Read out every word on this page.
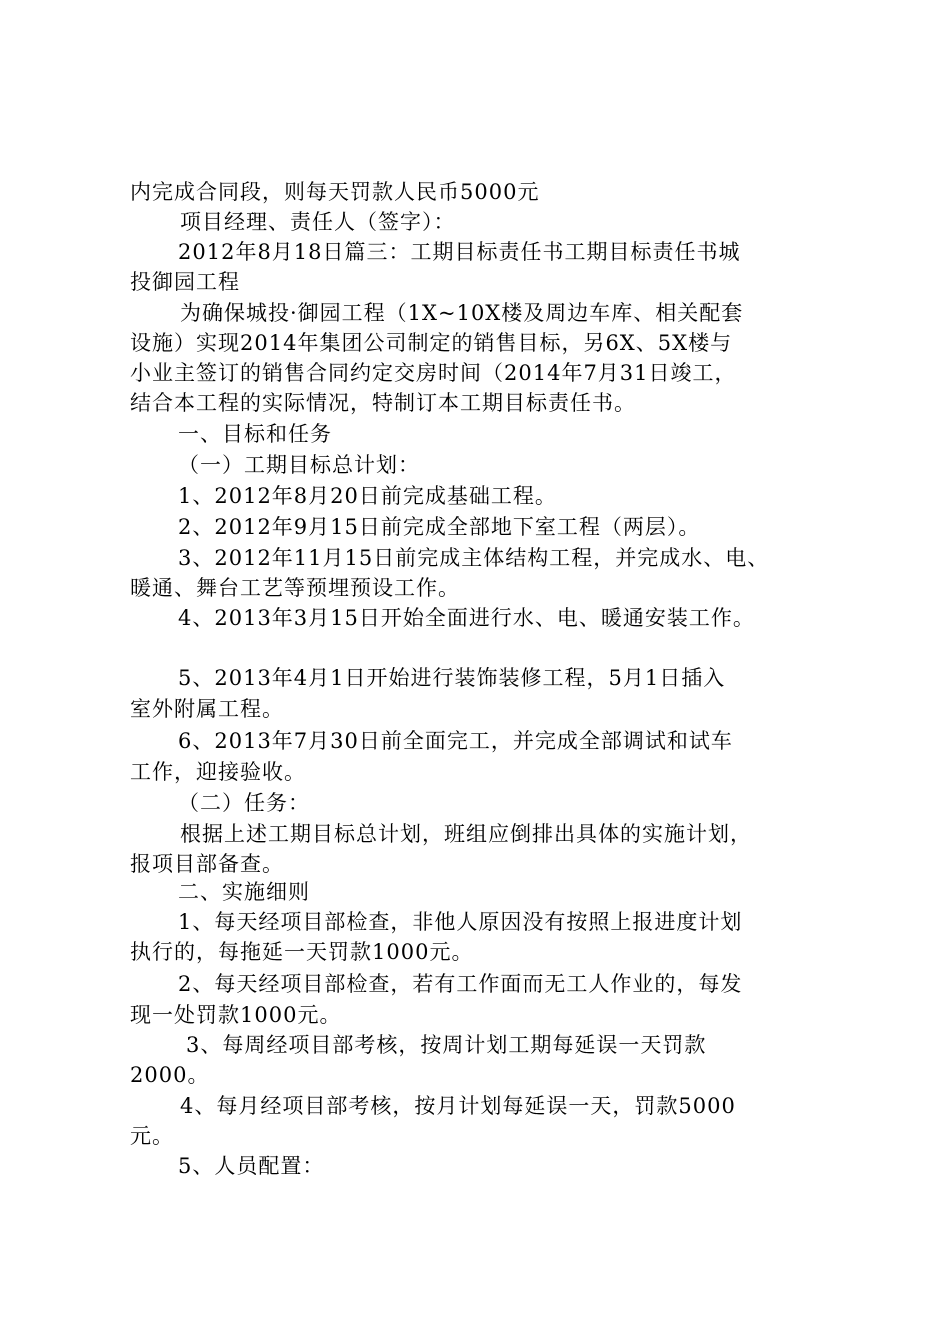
内完成合同段，则每天罚款人民币5000元
项目经理、责任人（签字）：
2012年8月18日篇三：工期目标责任书工期目标责任书城
投御园工程
为确保城投·御园工程（1X~10X楼及周边车库、相关配套
设施）实现2014年集团公司制定的销售目标，另6X、5X楼与
小业主签订的销售合同约定交房时间（2014年7月31日竣工，
结合本工程的实际情况，特制订本工期目标责任书。
一、目标和任务
（一）工期目标总计划：
1、2012年8月20日前完成基础工程。
2、2012年9月15日前完成全部地下室工程（两层）。
3、2012年11月15日前完成主体结构工程，并完成水、电、
暖通、舞台工艺等预埋预设工作。
4、2013年3月15日开始全面进行水、电、暖通安装工作。
5、2013年4月1日开始进行装饰装修工程，5月1日插入
室外附属工程。
6、2013年7月30日前全面完工，并完成全部调试和试车
工作，迎接验收。
（二）任务：
根据上述工期目标总计划，班组应倒排出具体的实施计划，
报项目部备查。
二、实施细则
1、每天经项目部检查，非他人原因没有按照上报进度计划
执行的，每拖延一天罚款1000元。
2、每天经项目部检查，若有工作面而无工人作业的，每发
现一处罚款1000元。
3、每周经项目部考核，按周计划工期每延误一天罚款
2000。
4、每月经项目部考核，按月计划每延误一天，罚款5000
元。
5、人员配置：
